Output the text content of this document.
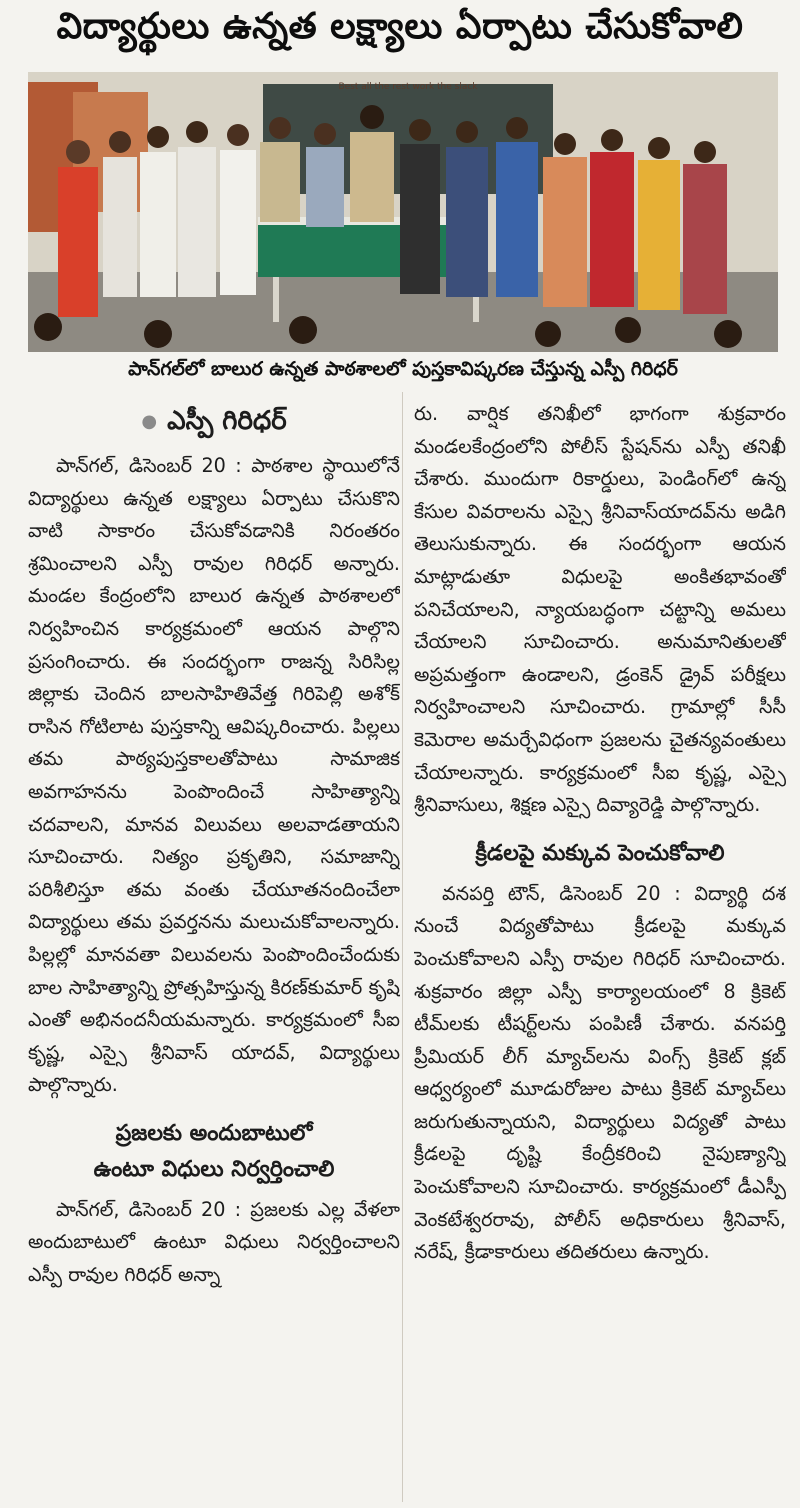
విద్యార్థులు ఉన్నత లక్ష్యాలు ఏర్పాటు చేసుకోవాలి
Best all the rest work the slack
పాన్‌గల్‌లో బాలుర ఉన్నత పాఠశాలలో పుస్తకావిష్కరణ చేస్తున్న ఎస్పీ గిరిధర్
● ఎస్పీ గిరిధర్

పాన్‌గల్, డిసెంబర్ 20 : పాఠశాల స్థాయిలోనే విద్యార్థులు ఉన్నత లక్ష్యాలు ఏర్పాటు చేసుకొని వాటి సాకారం చేసుకోవడానికి నిరంతరం శ్రమించాలని ఎస్పీ రావుల గిరిధర్ అన్నారు. మండల కేంద్రంలోని బాలుర ఉన్నత పాఠశాలలో నిర్వహించిన కార్యక్రమంలో ఆయన పాల్గొని ప్రసంగించారు. ఈ సందర్భంగా రాజన్న సిరిసిల్ల జిల్లాకు చెందిన బాలసాహితివేత్త గిరిపెల్లి అశోక్ రాసిన గోటిలాట పుస్తకాన్ని ఆవిష్కరించారు. పిల్లలు తమ పాఠ్యపుస్తకాలతోపాటు సామాజిక అవగాహనను పెంపొందించే సాహిత్యాన్ని చదవాలని, మానవ విలువలు అలవాడతాయని సూచించారు. నిత్యం ప్రకృతిని, సమాజాన్ని పరిశీలిస్తూ తమ వంతు చేయూతనందించేలా విద్యార్థులు తమ ప్రవర్తనను మలుచుకోవాలన్నారు. పిల్లల్లో మానవతా విలువలను పెంపొందించేందుకు బాల సాహిత్యాన్ని ప్రోత్సహిస్తున్న కిరణ్‌కుమార్ కృషి ఎంతో అభినందనీయమన్నారు. కార్యక్రమంలో సీఐ కృష్ణ, ఎస్సై శ్రీనివాస్ యాదవ్, విద్యార్థులు పాల్గొన్నారు.

ప్రజలకు అందుబాటులో
ఉంటూ విధులు నిర్వర్తించాలి

పాన్‌గల్, డిసెంబర్ 20 : ప్రజలకు ఎల్ల వేళలా అందుబాటులో ఉంటూ విధులు నిర్వర్తించాలని ఎస్పీ రావుల గిరిధర్ అన్నా

రు. వార్షిక తనిఖీలో భాగంగా శుక్రవారం మండలకేంద్రంలోని పోలీస్ స్టేషన్‌ను ఎస్పీ తనిఖీ చేశారు. ముందుగా రికార్డులు, పెండింగ్‌లో ఉన్న కేసుల వివరాలను ఎస్సై శ్రీనివాస్‌యాదవ్‌ను అడిగి తెలుసుకున్నారు. ఈ సందర్భంగా ఆయన మాట్లాడుతూ విధులపై అంకితభావంతో పనిచేయాలని, న్యాయబద్ధంగా చట్టాన్ని అమలు చేయాలని సూచించారు. అనుమానితులతో అప్రమత్తంగా ఉండాలని, డ్రంకెన్ డ్రైవ్ పరీక్షలు నిర్వహించాలని సూచించారు. గ్రామాల్లో సీసీ కెమెరాల అమర్చేవిధంగా ప్రజలను చైతన్యవంతులు చేయాలన్నారు. కార్యక్రమంలో సీఐ కృష్ణ, ఎస్సై శ్రీనివాసులు, శిక్షణ ఎస్సై దివ్యారెడ్డి పాల్గొన్నారు.

క్రీడలపై మక్కువ పెంచుకోవాలి

వనపర్తి టౌన్, డిసెంబర్ 20 : విద్యార్థి దశ నుంచే విద్యతోపాటు క్రీడలపై మక్కువ పెంచుకోవాలని ఎస్పీ రావుల గిరిధర్ సూచించారు. శుక్రవారం జిల్లా ఎస్పీ కార్యాలయంలో 8 క్రికెట్ టీమ్‌లకు టీషర్ట్‌లను పంపిణీ చేశారు. వనపర్తి ప్రీమియర్ లీగ్ మ్యాచ్‌లను వింగ్స్ క్రికెట్ క్లబ్ ఆధ్వర్యంలో మూడురోజుల పాటు క్రికెట్ మ్యాచ్‌లు జరుగుతున్నాయని, విద్యార్థులు విద్యతో పాటు క్రీడలపై దృష్టి కేంద్రీకరించి నైపుణ్యాన్ని పెంచుకోవాలని సూచించారు. కార్యక్రమంలో డీఎస్పీ వెంకటేశ్వరరావు, పోలీస్ అధికారులు శ్రీనివాస్, నరేష్, క్రీడాకారులు తదితరులు ఉన్నారు.
